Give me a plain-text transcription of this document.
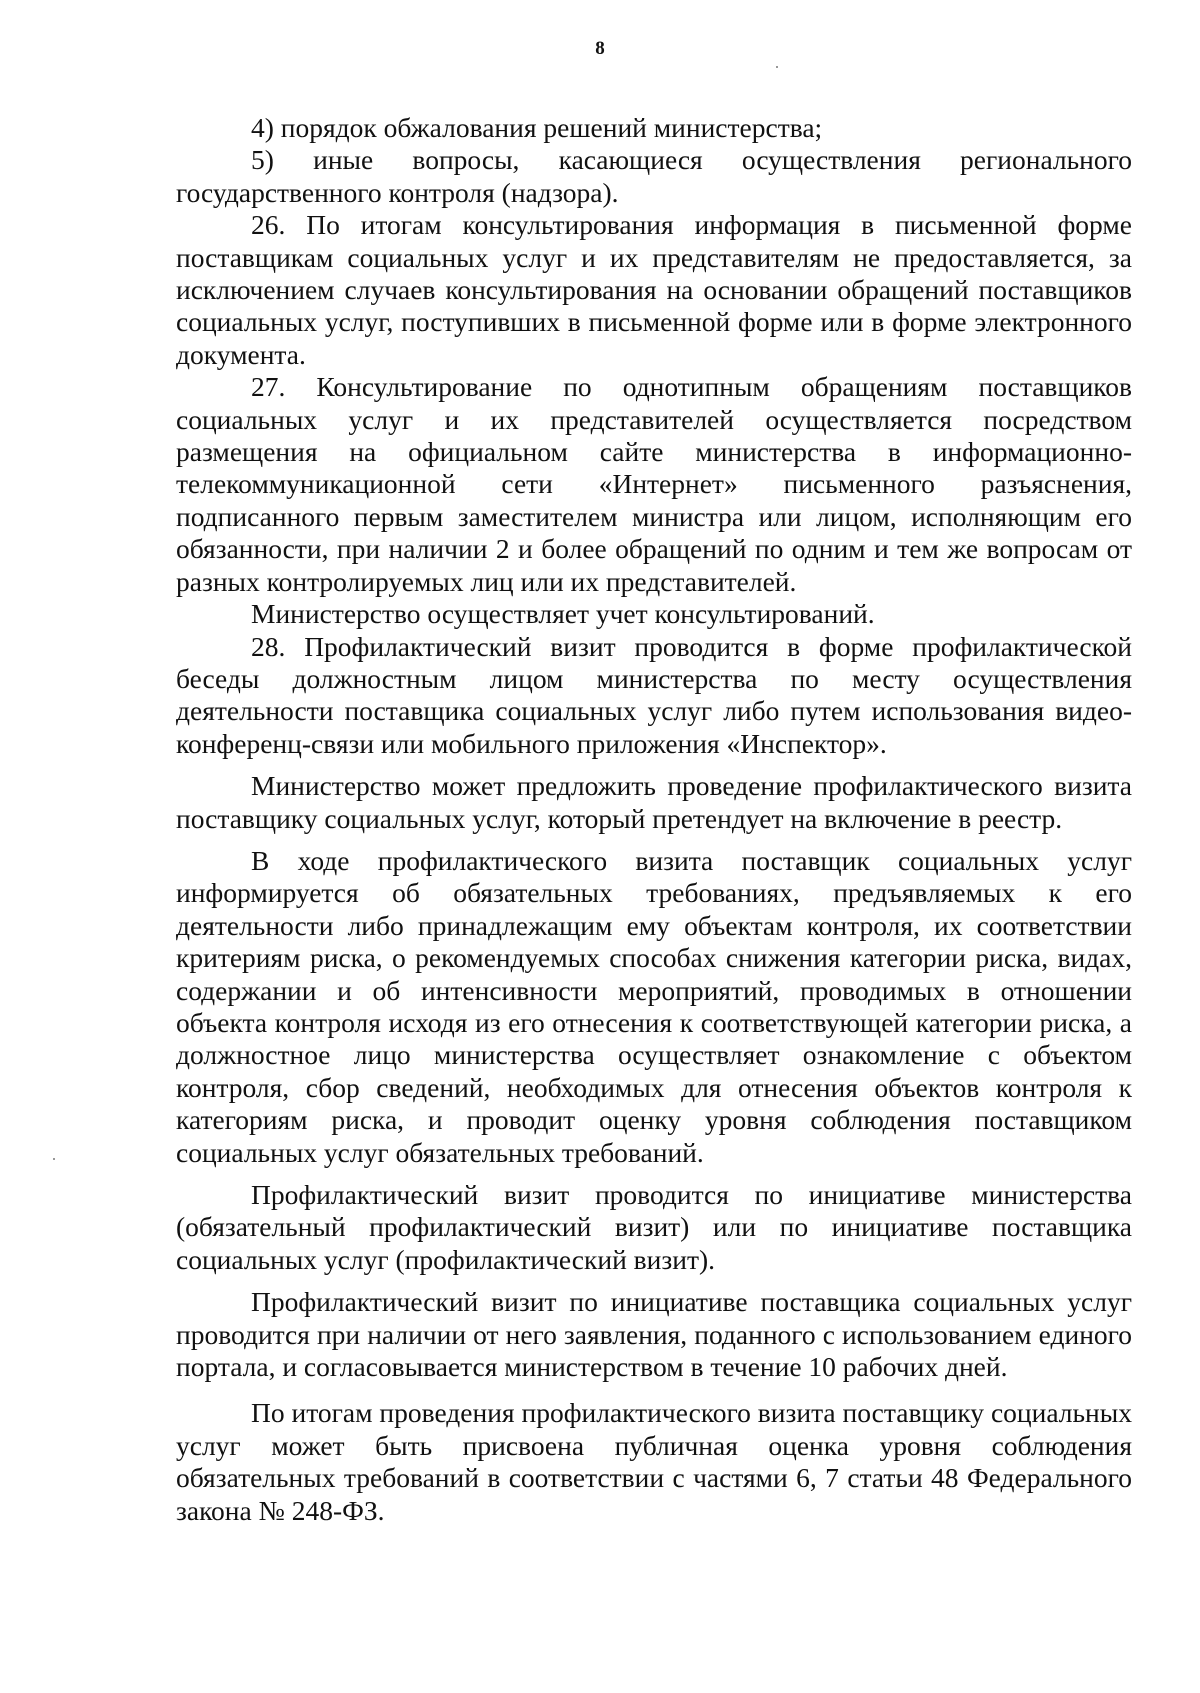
8

4) порядок обжалования решений министерства;

5) иные вопросы, касающиеся осуществления регионального государственного контроля (надзора).

26. По итогам консультирования информация в письменной форме поставщикам социальных услуг и их представителям не предоставляется, за исключением случаев консультирования на основании обращений поставщиков социальных услуг, поступивших в письменной форме или в форме электронного документа.

27. Консультирование по однотипным обращениям поставщиков социальных услуг и их представителей осуществляется посредством размещения на официальном сайте министерства в информационно-телекоммуникационной сети «Интернет» письменного разъяснения, подписанного первым заместителем министра или лицом, исполняющим его обязанности, при наличии 2 и более обращений по одним и тем же вопросам от разных контролируемых лиц или их представителей.

Министерство осуществляет учет консультирований.

28. Профилактический визит проводится в форме профилактической беседы должностным лицом министерства по месту осуществления деятельности поставщика социальных услуг либо путем использования видео-конференц-связи или мобильного приложения «Инспектор».

Министерство может предложить проведение профилактического визита поставщику социальных услуг, который претендует на включение в реестр.

В ходе профилактического визита поставщик социальных услуг информируется об обязательных требованиях, предъявляемых к его деятельности либо принадлежащим ему объектам контроля, их соответствии критериям риска, о рекомендуемых способах снижения категории риска, видах, содержании и об интенсивности мероприятий, проводимых в отношении объекта контроля исходя из его отнесения к соответствующей категории риска, а должностное лицо министерства осуществляет ознакомление с объектом контроля, сбор сведений, необходимых для отнесения объектов контроля к категориям риска, и проводит оценку уровня соблюдения поставщиком социальных услуг обязательных требований.

Профилактический визит проводится по инициативе министерства (обязательный профилактический визит) или по инициативе поставщика социальных услуг (профилактический визит).

Профилактический визит по инициативе поставщика социальных услуг проводится при наличии от него заявления, поданного с использованием единого портала, и согласовывается министерством в течение 10 рабочих дней.

По итогам проведения профилактического визита поставщику социальных услуг может быть присвоена публичная оценка уровня соблюдения обязательных требований в соответствии с частями 6, 7 статьи 48 Федерального закона № 248-ФЗ.
